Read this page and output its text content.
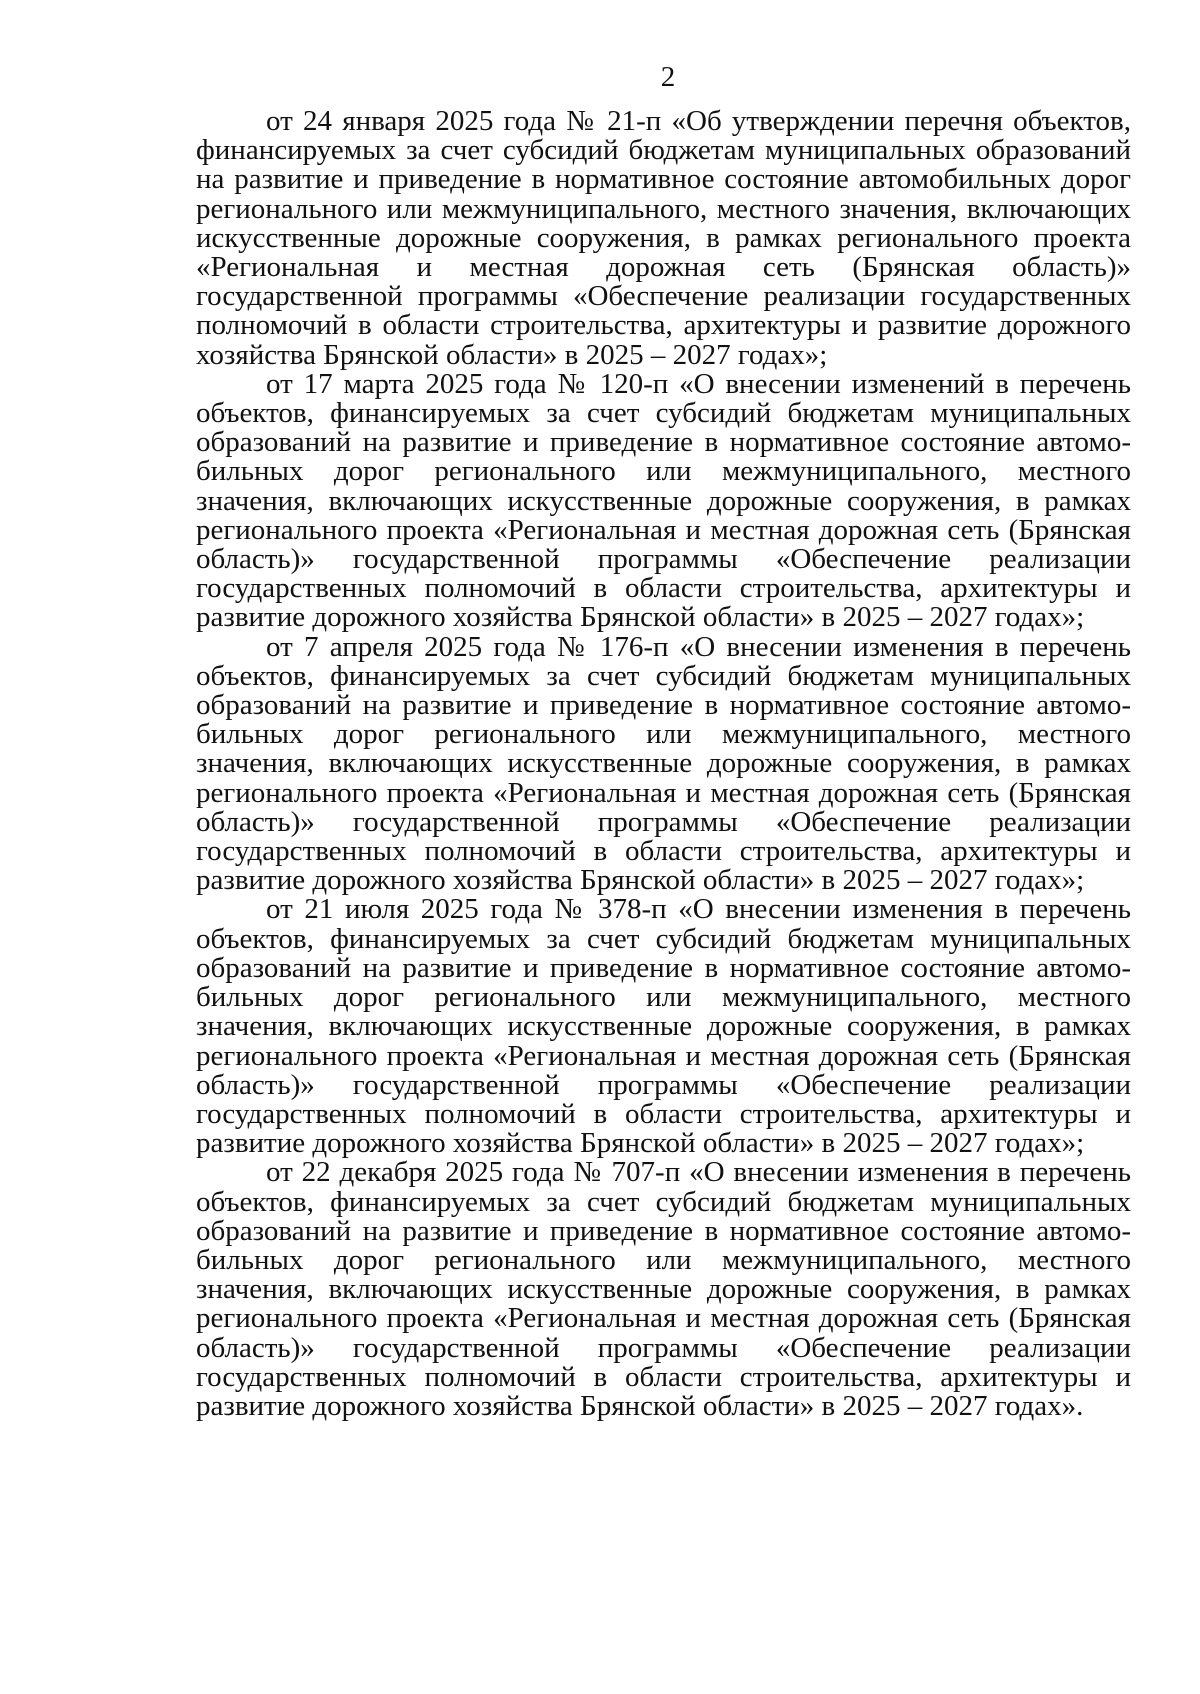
2

от 24 января 2025 года № 21-п «Об утверждении перечня объектов, финансируемых за счет субсидий бюджетам муниципальных образований на развитие и приведение в нормативное состояние автомобильных дорог регионального или межмуниципального, местного значения, включающих искусственные дорожные сооружения, в рамках регионального проекта «Региональная и местная дорожная сеть (Брянская область)» государственной программы «Обеспечение реализации государственных полномочий в области строительства, архитектуры и развитие дорожного хозяйства Брянской области» в 2025 – 2027 годах»;

от 17 марта 2025 года № 120-п «О внесении изменений в перечень объектов, финансируемых за счет субсидий бюджетам муниципальных образований на развитие и приведение в нормативное состояние автомобильных дорог регионального или межмуниципального, местного значения, включающих искусственные дорожные сооружения, в рамках регионального проекта «Региональная и местная дорожная сеть (Брянская область)» государственной программы «Обеспечение реализации государственных полномочий в области строительства, архитектуры и развитие дорожного хозяйства Брянской области» в 2025 – 2027 годах»;

от 7 апреля 2025 года № 176-п «О внесении изменения в перечень объектов, финансируемых за счет субсидий бюджетам муниципальных образований на развитие и приведение в нормативное состояние автомобильных дорог регионального или межмуниципального, местного значения, включающих искусственные дорожные сооружения, в рамках регионального проекта «Региональная и местная дорожная сеть (Брянская область)» государственной программы «Обеспечение реализации государственных полномочий в области строительства, архитектуры и развитие дорожного хозяйства Брянской области» в 2025 – 2027 годах»;

от 21 июля 2025 года № 378-п «О внесении изменения в перечень объектов, финансируемых за счет субсидий бюджетам муниципальных образований на развитие и приведение в нормативное состояние автомобильных дорог регионального или межмуниципального, местного значения, включающих искусственные дорожные сооружения, в рамках регионального проекта «Региональная и местная дорожная сеть (Брянская область)» государственной программы «Обеспечение реализации государственных полномочий в области строительства, архитектуры и развитие дорожного хозяйства Брянской области» в 2025 – 2027 годах»;

от 22 декабря 2025 года № 707-п «О внесении изменения в перечень объектов, финансируемых за счет субсидий бюджетам муниципальных образований на развитие и приведение в нормативное состояние автомобильных дорог регионального или межмуниципального, местного значения, включающих искусственные дорожные сооружения, в рамках регионального проекта «Региональная и местная дорожная сеть (Брянская область)» государственной программы «Обеспечение реализации государственных полномочий в области строительства, архитектуры и развитие дорожного хозяйства Брянской области» в 2025 – 2027 годах».
